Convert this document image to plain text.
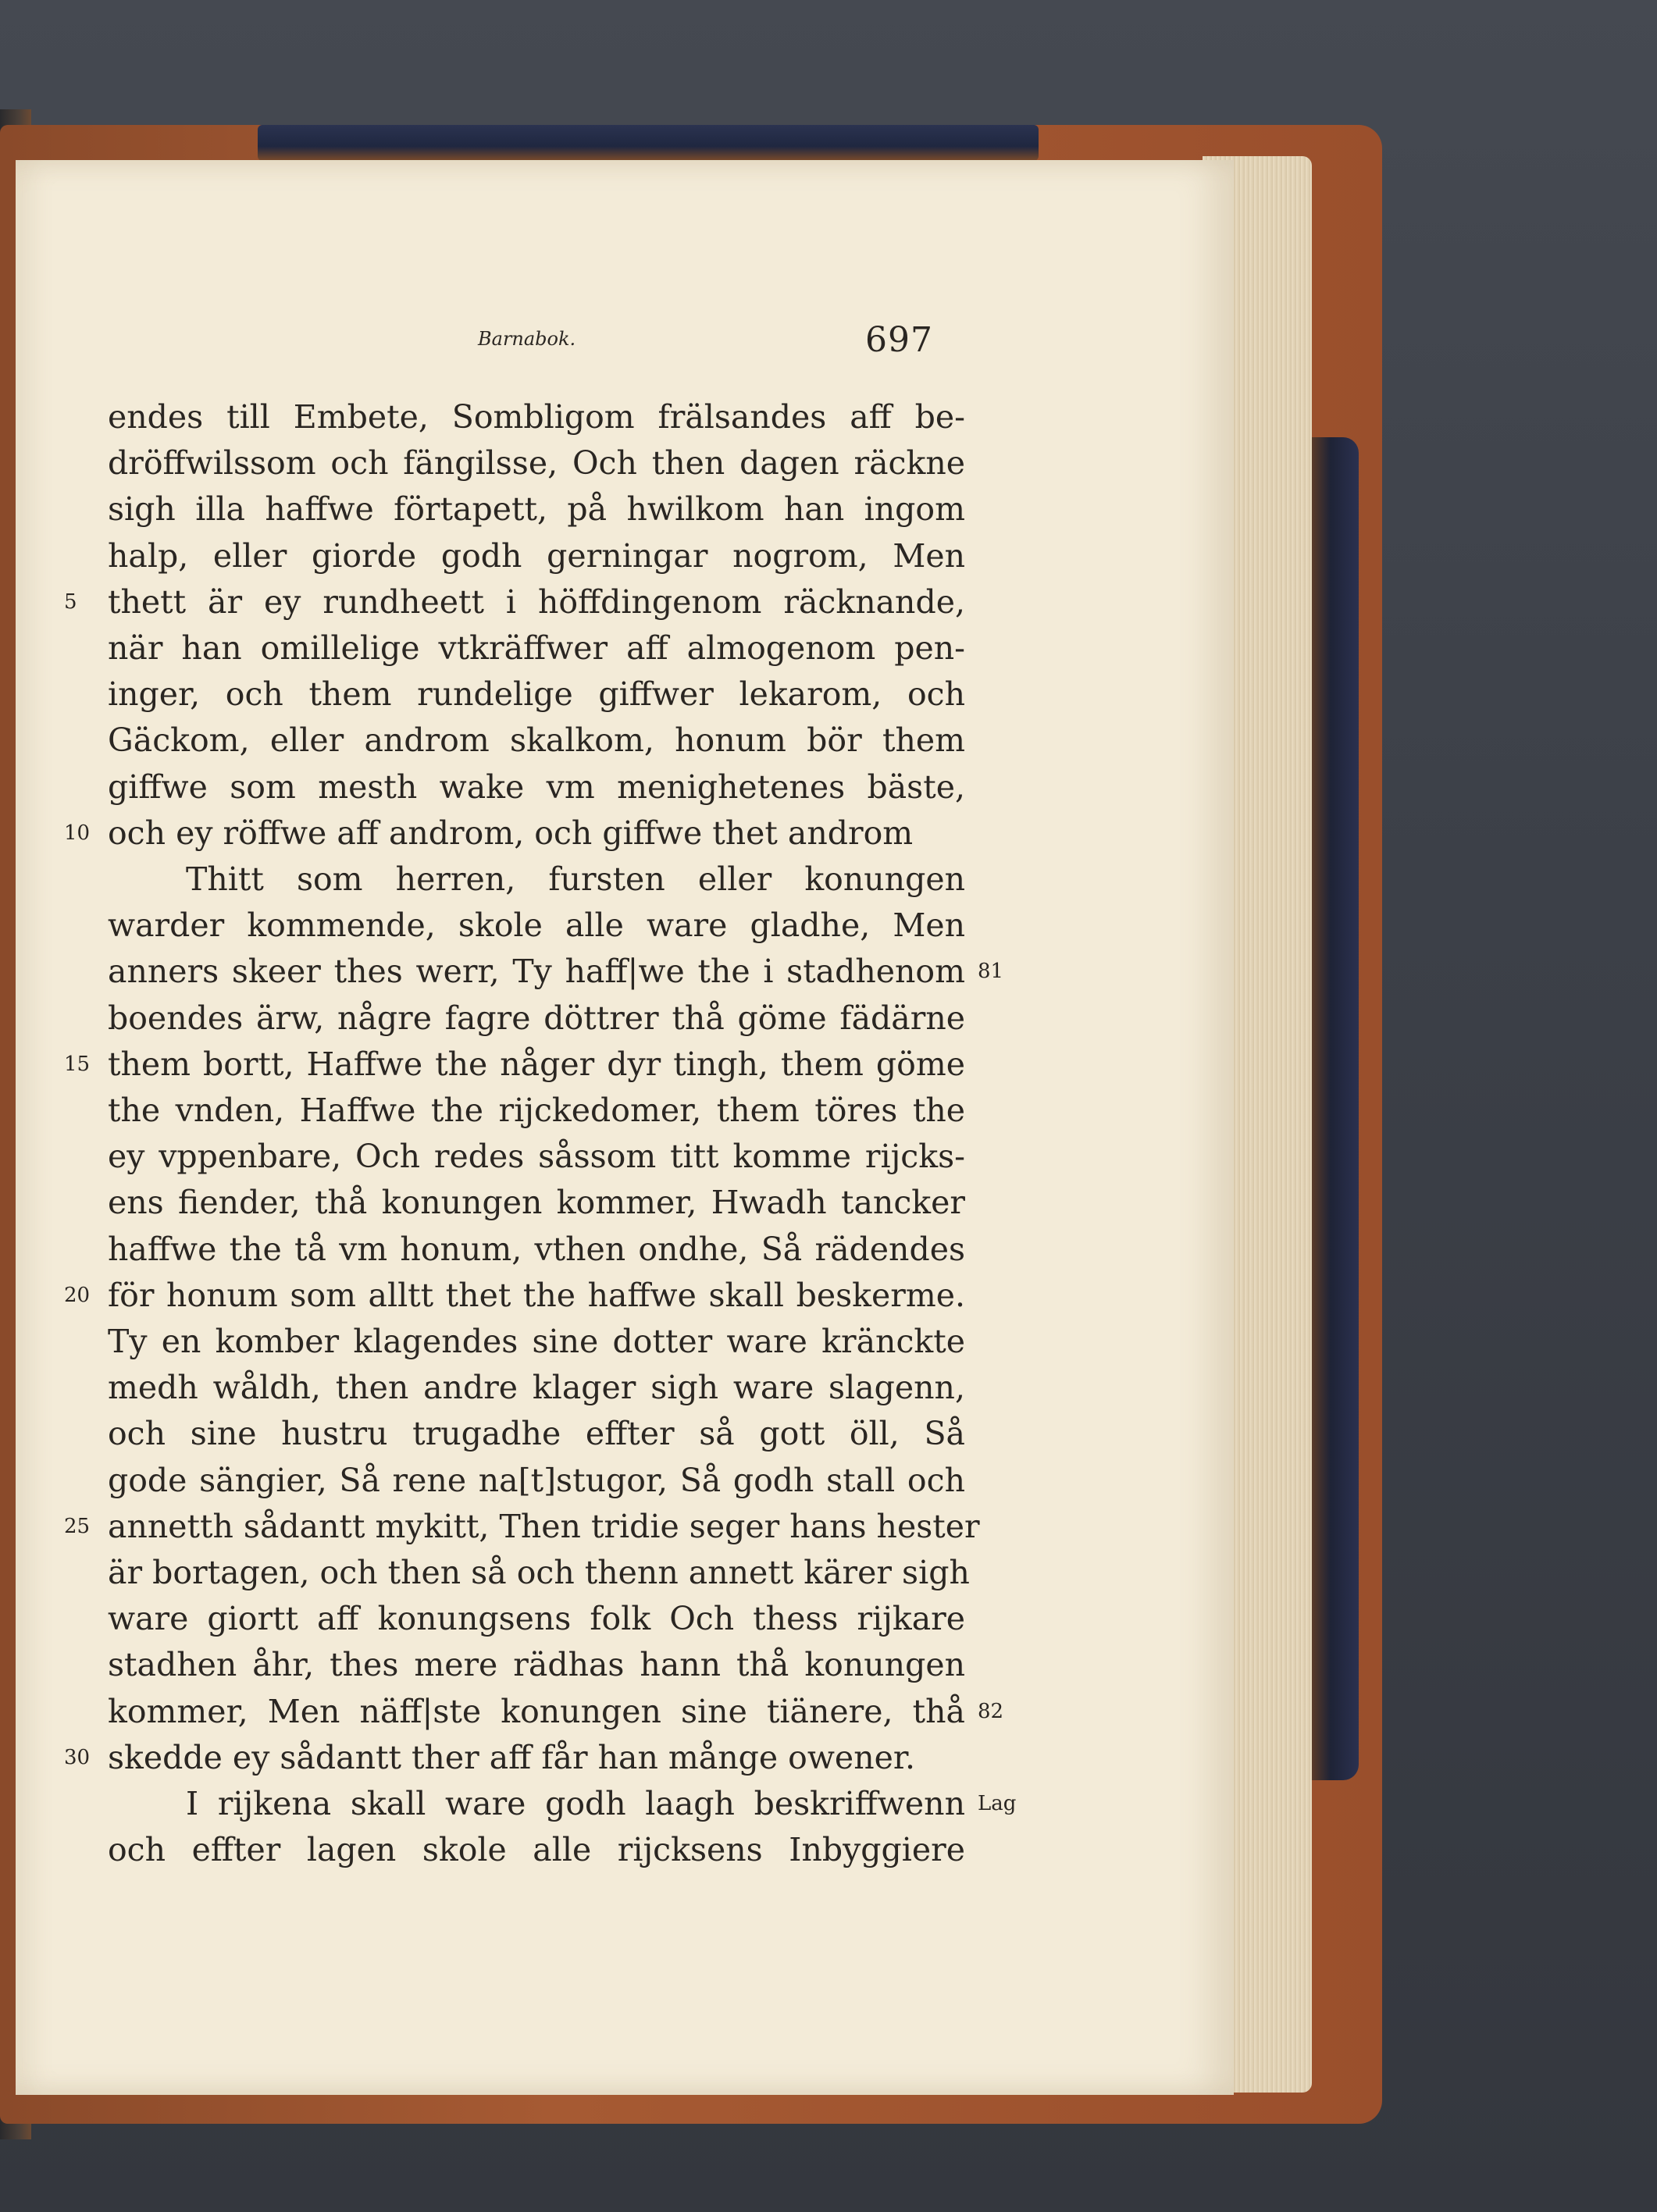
Barnabok.	697
endes till Embete, Sombligom frälsandes aff be-
dröffwilssom och fängilsse, Och then dagen räckne
sigh illa haffwe förtapett, på hwilkom han ingom
halp, eller giorde godh gerningar nogrom, Men
thett är ey rundheett i höffdingenom räcknande,
5
när han omillelige vtkräffwer aff almogenom pen-
inger, och them rundelige giffwer lekarom, och
Gäckom, eller androm skalkom, honum bör them
giffwe som mesth wake vm menighetenes bäste,
och ey röffwe aff androm, och giffwe thet androm
10
Thitt som herren, fursten eller konungen
warder kommende, skole alle ware gladhe, Men
anners skeer thes werr, Ty haff|we the i stadhenom 81
boendes ärw, någre fagre döttrer thå göme fädärne
them bortt, Haffwe the någer dyr tingh, them göme
15
the vnden, Haffwe the rijckedomer, them töres the
ey vppenbare, Och redes såssom titt komme rijcks-
ens fiender, thå konungen kommer, Hwadh tancker
haffwe the tå vm honum, vthen ondhe, Så rädendes
för honum som alltt thet the haffwe skall beskerme.
20
Ty en komber klagendes sine dotter ware kränckte
medh wåldh, then andre klager sigh ware slagenn,
och sine hustru trugadhe effter så gott öll, Så
gode sängier, Så rene na[t]stugor, Så godh stall och
annetth sådantt mykitt, Then tridie seger hans hester
25
är bortagen, och then så och thenn annett kärer sigh
ware giortt aff konungsens folk Och thess rijkare
stadhen åhr, thes mere rädhas hann thå konungen
kommer, Men näff|ste konungen sine tiänere, thå 82
skedde ey sådantt ther aff får han månge owener.
30
I rijkena skall ware godh laagh beskriffwenn Lag
och effter lagen skole alle rijcksens Inbyggiere
